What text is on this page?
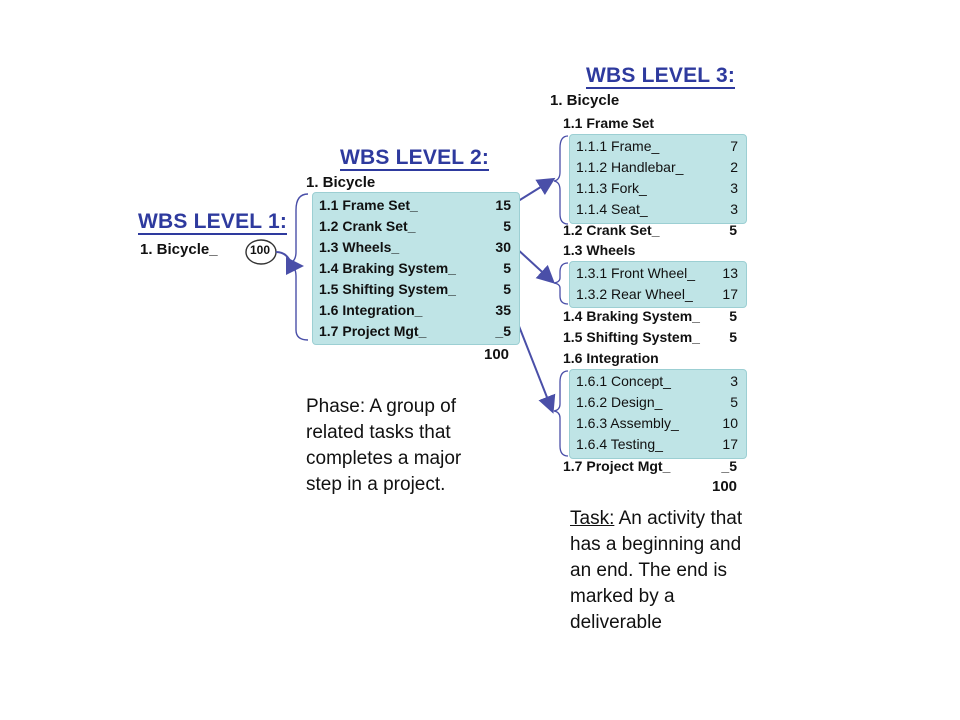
WBS LEVEL 1:
1. Bicycle_	100
WBS LEVEL 2:
1. Bicycle
1.1 Frame Set_	15
1.2 Crank Set_	5
1.3 Wheels_	30
1.4 Braking System_	5
1.5 Shifting System_	5
1.6 Integration_	35
1.7 Project Mgt_	_5
100
WBS LEVEL 3:
1. Bicycle
1.1 Frame Set
1.1.1 Frame_	7
1.1.2 Handlebar_	2
1.1.3 Fork_	3
1.1.4 Seat_	3
1.2 Crank Set_	5
1.3 Wheels
1.3.1 Front Wheel_ 13
1.3.2 Rear Wheel_ 17
1.4 Braking System_ 5
1.5 Shifting System_ 5
1.6 Integration
1.6.1 Concept_	3
1.6.2 Design_	5
1.6.3 Assembly_	10
1.6.4 Testing_	17
1.7 Project Mgt_	_5
100
Phase: A group of
related tasks that
completes a major
step in a project.
Task: An activity that
has a beginning and
an end. The end is
marked by a
deliverable
